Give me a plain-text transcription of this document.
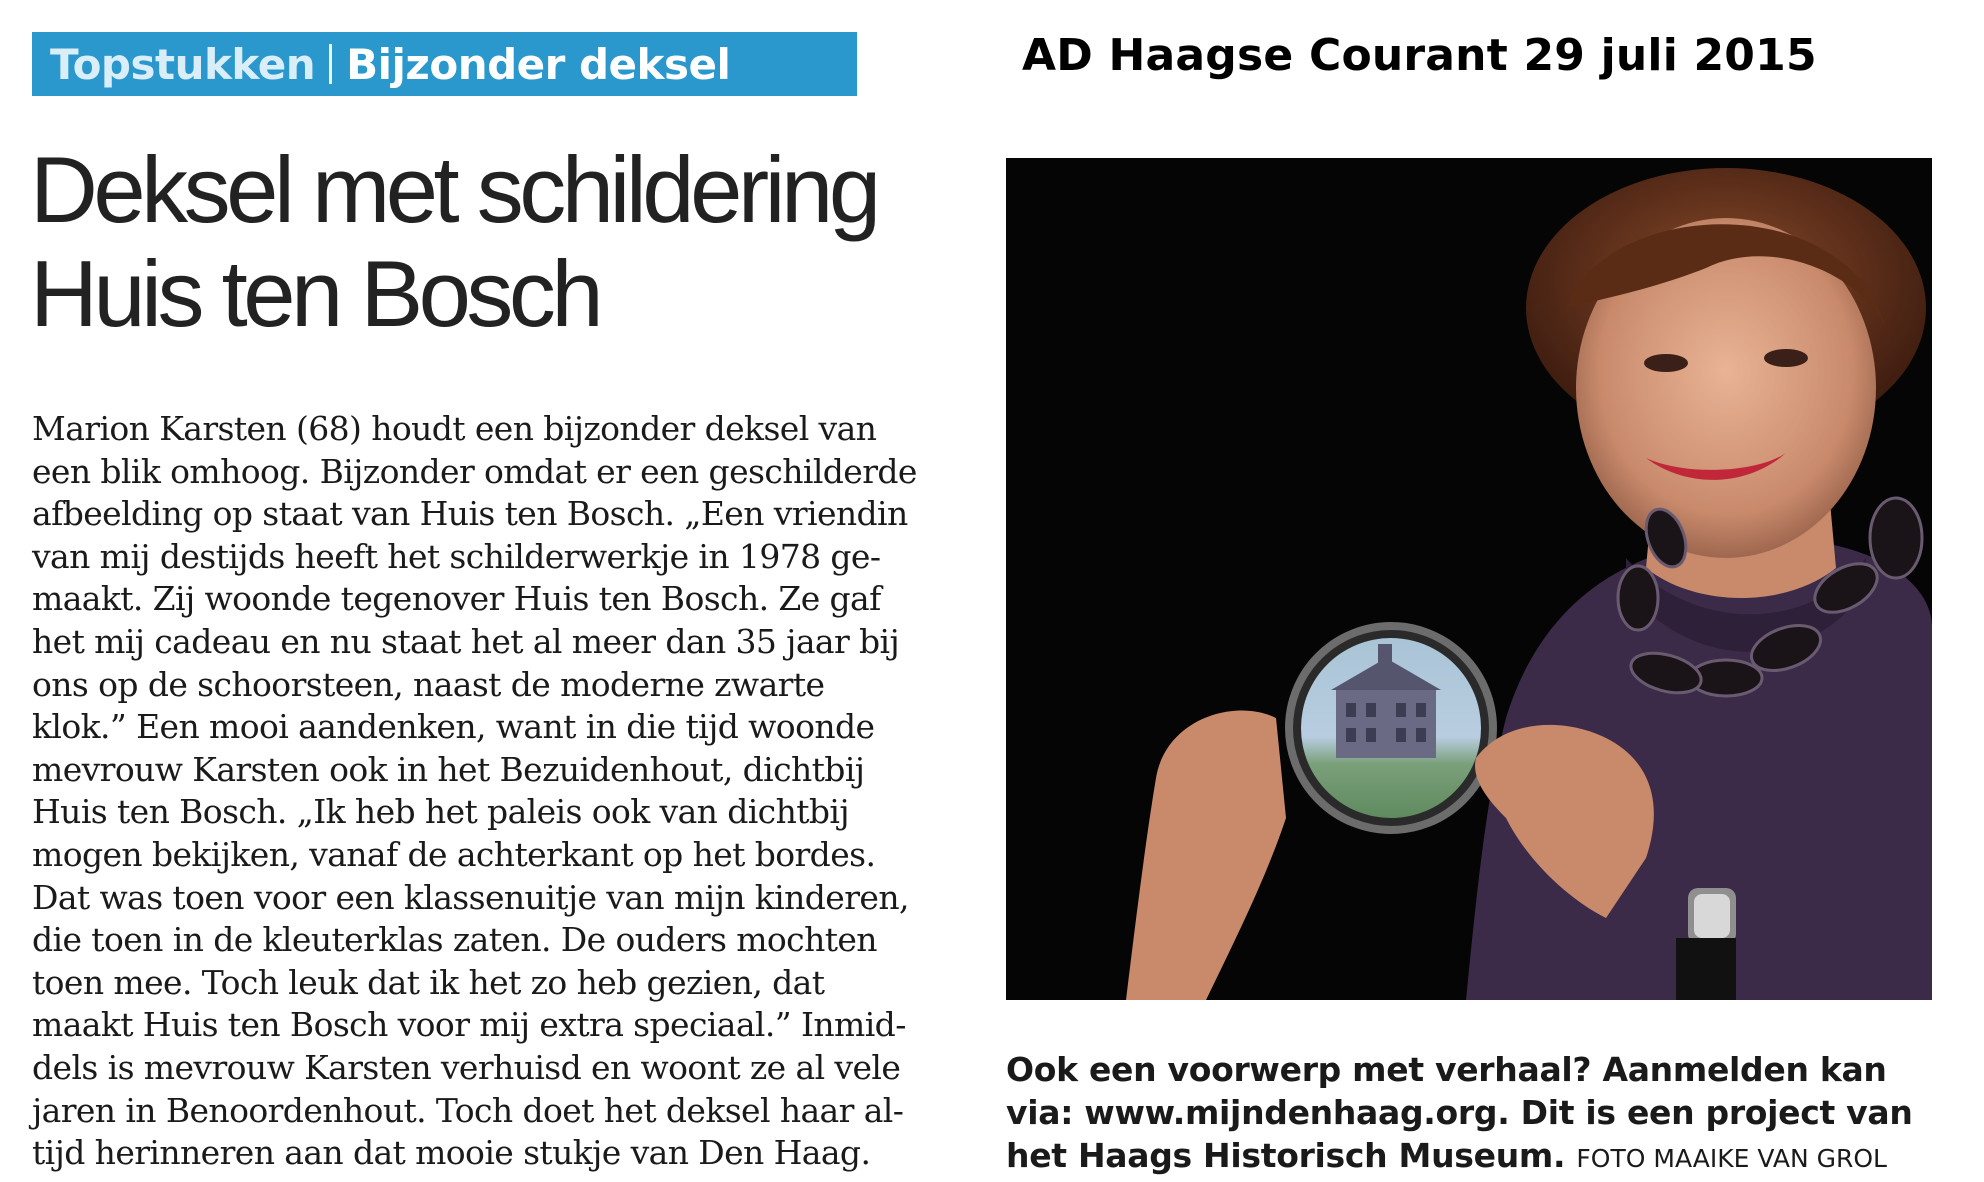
Topstukken Bijzonder deksel	AD Haagse Courant 29 juli 2015
Deksel met schildering
Huis ten Bosch
Marion Karsten (68) houdt een bijzonder deksel van
een blik omhoog. Bijzonder omdat er een geschilderde
afbeelding op staat van Huis ten Bosch. „Een vriendin
van mij destijds heeft het schilderwerkje in 1978 ge-
maakt. Zij woonde tegenover Huis ten Bosch. Ze gaf
het mij cadeau en nu staat het al meer dan 35 jaar bij
ons op de schoorsteen, naast de moderne zwarte
klok.” Een mooi aandenken, want in die tijd woonde
mevrouw Karsten ook in het Bezuidenhout, dichtbij
Huis ten Bosch. „Ik heb het paleis ook van dichtbij
mogen bekijken, vanaf de achterkant op het bordes.
Dat was toen voor een klassenuitje van mijn kinderen,
die toen in de kleuterklas zaten. De ouders mochten
toen mee. Toch leuk dat ik het zo heb gezien, dat
maakt Huis ten Bosch voor mij extra speciaal.” Inmid-
dels is mevrouw Karsten verhuisd en woont ze al vele
jaren in Benoordenhout. Toch doet het deksel haar al-
tijd herinneren aan dat mooie stukje van Den Haag.
Ook een voorwerp met verhaal? Aanmelden kan
via: www.mijndenhaag.org. Dit is een project van
het Haags Historisch Museum. FOTO MAAIKE VAN GROL
